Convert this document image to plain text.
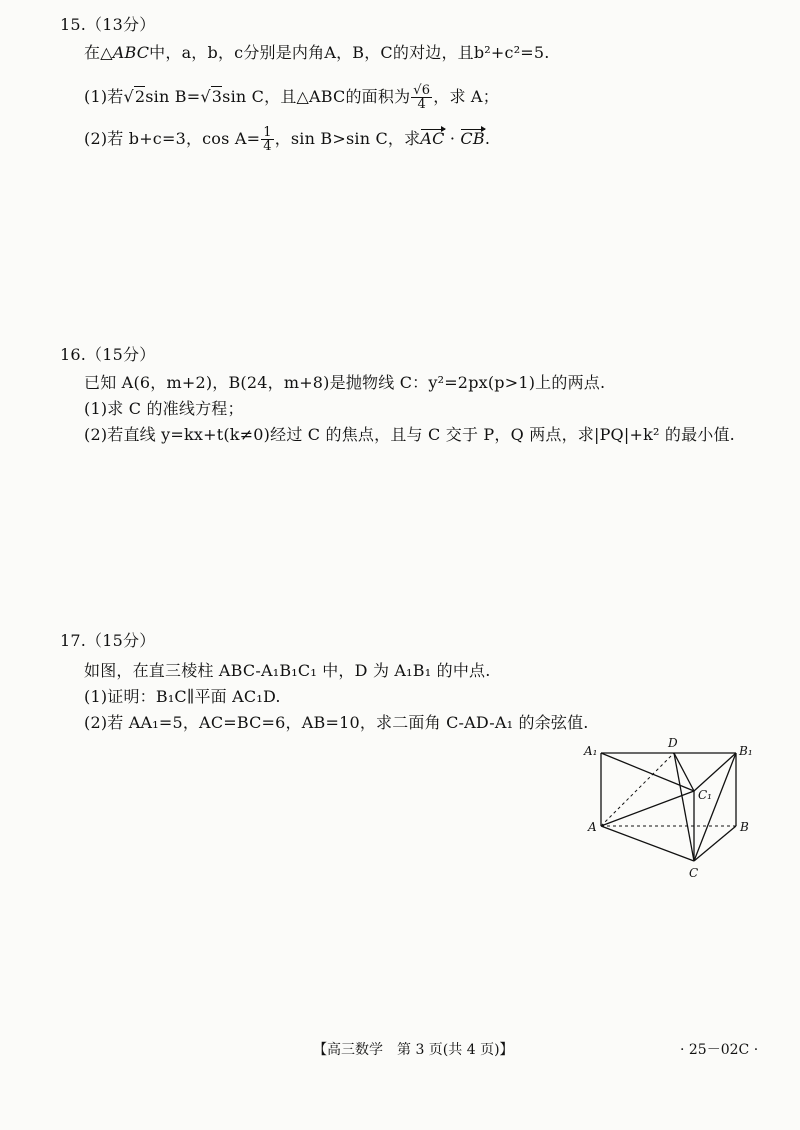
15.（13分）
在△ABC中，a，b，c分别是内角A，B，C的对边，且b²+c²=5.
(1)若√2sin B=√3sin C，且△ABC的面积为 $\frac{√6}{4}$ ，求 A；
(2)若 b+c=3，$\cos A= \frac{1}{4}$ ，sin B>sin C，求AC · CB.
16.（15分）
已知 A(6，m+2)，B(24，m+8)是抛物线 C：y²=2px(p>1)上的两点.
(1)求 C 的准线方程；
(2)若直线 y=kx+t(k≠0)经过 C 的焦点，且与 C 交于 P，Q 两点，求|PQ|+k² 的最小值.
17.（15分）
如图，在直三棱柱 ABC-A₁B₁C₁ 中，D 为 A₁B₁ 的中点.
(1)证明：B₁C∥平面 AC₁D.
(2)若 AA₁=5，AC=BC=6，AB=10，求二面角 C-AD-A₁ 的余弦值.
A₁
D
B₁
C₁
A	B
C
【高三数学　第 3 页(共 4 页)】	· 25－02C ·
